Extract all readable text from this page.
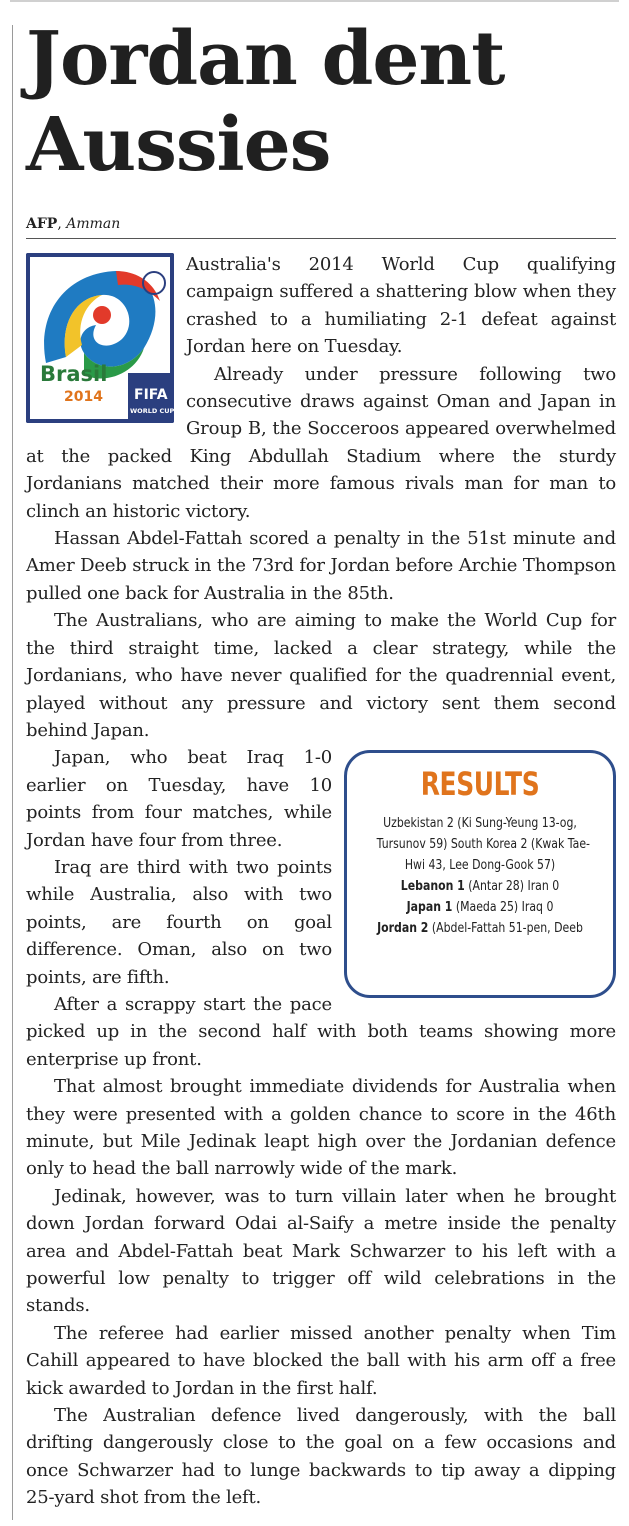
Jordan dent Aussies
AFP, Amman
Brasil
2014 FIFA
WORLD CUP

Australia's 2014 World Cup qualifying campaign suffered a shattering blow when they crashed to a humiliating 2-1 defeat against Jordan here on Tuesday.

Already under pressure following two consecutive draws against Oman and Japan in Group B, the Socceroos appeared overwhelmed at the packed King Abdullah Stadium where the sturdy Jordanians matched their more famous rivals man for man to clinch an historic victory.

Hassan Abdel-Fattah scored a penalty in the 51st minute and Amer Deeb struck in the 73rd for Jordan before Archie Thompson pulled one back for Australia in the 85th.

The Australians, who are aiming to make the World Cup for the third straight time, lacked a clear strategy, while the Jordanians, who have never qualified for the quadrennial event, played without any pressure and victory sent them second behind Japan.

RESULTS
Uzbekistan 2 (Ki Sung-Yeung 13-og,
Tursunov 59) South Korea 2 (Kwak Tae-
Hwi 43, Lee Dong-Gook 57)
Lebanon 1 (Antar 28) Iran 0
Japan 1 (Maeda 25) Iraq 0
Jordan 2 (Abdel-Fattah 51-pen, Deeb

Japan, who beat Iraq 1-0 earlier on Tuesday, have 10 points from four matches, while Jordan have four from three.

Iraq are third with two points while Australia, also with two points, are fourth on goal difference. Oman, also on two points, are fifth.

After a scrappy start the pace picked up in the second half with both teams showing more enterprise up front.

That almost brought immediate dividends for Australia when they were presented with a golden chance to score in the 46th minute, but Mile Jedinak leapt high over the Jordanian defence only to head the ball narrowly wide of the mark.

Jedinak, however, was to turn villain later when he brought down Jordan forward Odai al-Saify a metre inside the penalty area and Abdel-Fattah beat Mark Schwarzer to his left with a powerful low penalty to trigger off wild celebrations in the stands.

The referee had earlier missed another penalty when Tim Cahill appeared to have blocked the ball with his arm off a free kick awarded to Jordan in the first half.

The Australian defence lived dangerously, with the ball drifting dangerously close to the goal on a few occasions and once Schwarzer had to lunge backwards to tip away a dipping 25-yard shot from the left.
